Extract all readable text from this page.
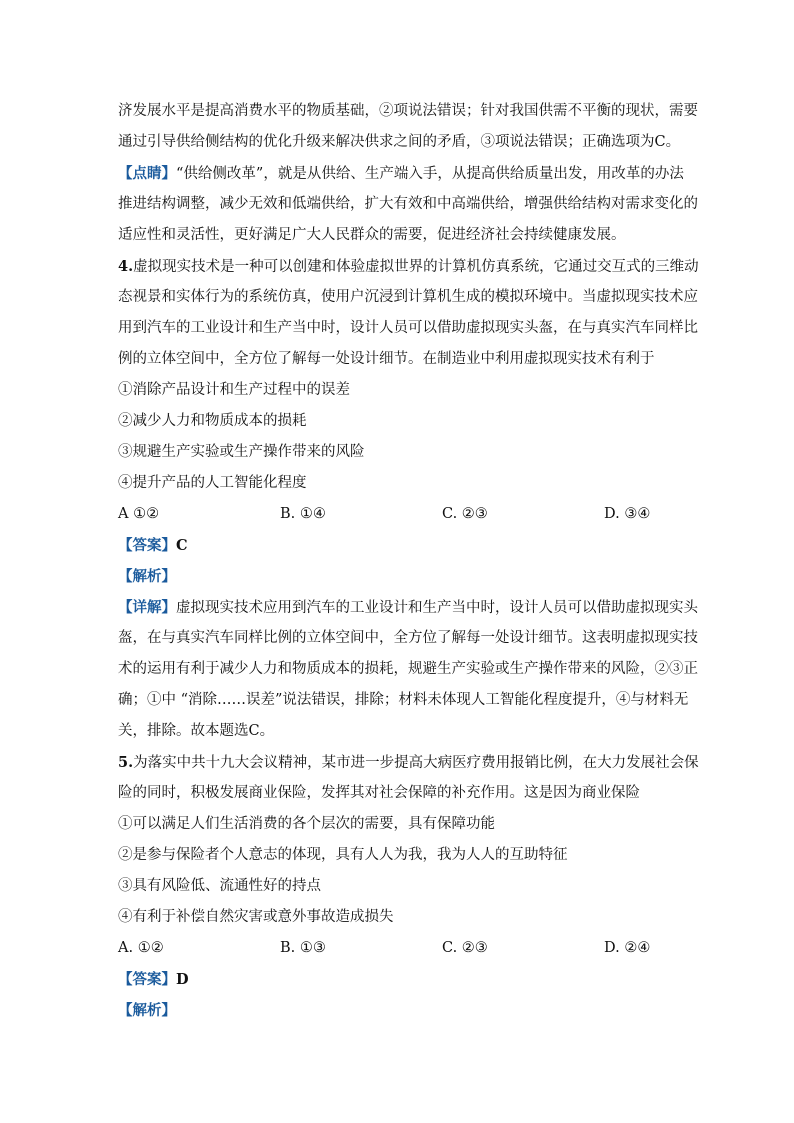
济发展水平是提高消费水平的物质基础，②项说法错误；针对我国供需不平衡的现状，需要
通过引导供给侧结构的优化升级来解决供求之间的矛盾，③项说法错误；正确选项为C。
【点睛】“供给侧改革”，就是从供给、生产端入手，从提高供给质量出发，用改革的办法
推进结构调整，减少无效和低端供给，扩大有效和中高端供给，增强供给结构对需求变化的
适应性和灵活性，更好满足广大人民群众的需要，促进经济社会持续健康发展。
4.虚拟现实技术是一种可以创建和体验虚拟世界的计算机仿真系统，它通过交互式的三维动
态视景和实体行为的系统仿真，使用户沉浸到计算机生成的模拟环境中。当虚拟现实技术应
用到汽车的工业设计和生产当中时，设计人员可以借助虚拟现实头盔，在与真实汽车同样比
例的立体空间中，全方位了解每一处设计细节。在制造业中利用虚拟现实技术有利于
①消除产品设计和生产过程中的误差
②减少人力和物质成本的损耗
③规避生产实验或生产操作带来的风险
④提升产品的人工智能化程度
A ①②	B. ①④	C. ②③	D. ③④
【答案】C
【解析】
【详解】虚拟现实技术应用到汽车的工业设计和生产当中时，设计人员可以借助虚拟现实头
盔，在与真实汽车同样比例的立体空间中，全方位了解每一处设计细节。这表明虚拟现实技
术的运用有利于减少人力和物质成本的损耗，规避生产实验或生产操作带来的风险，②③正
确；①中 “消除……误差”说法错误，排除；材料未体现人工智能化程度提升，④与材料无
关，排除。故本题选C。
5.为落实中共十九大会议精神，某市进一步提高大病医疗费用报销比例，在大力发展社会保
险的同时，积极发展商业保险，发挥其对社会保障的补充作用。这是因为商业保险
①可以满足人们生活消费的各个层次的需要，具有保障功能
②是参与保险者个人意志的体现，具有人人为我，我为人人的互助特征
③具有风险低、流通性好的持点
④有利于补偿自然灾害或意外事故造成损失
A. ①②	B. ①③	C. ②③	D. ②④
【答案】D
【解析】
